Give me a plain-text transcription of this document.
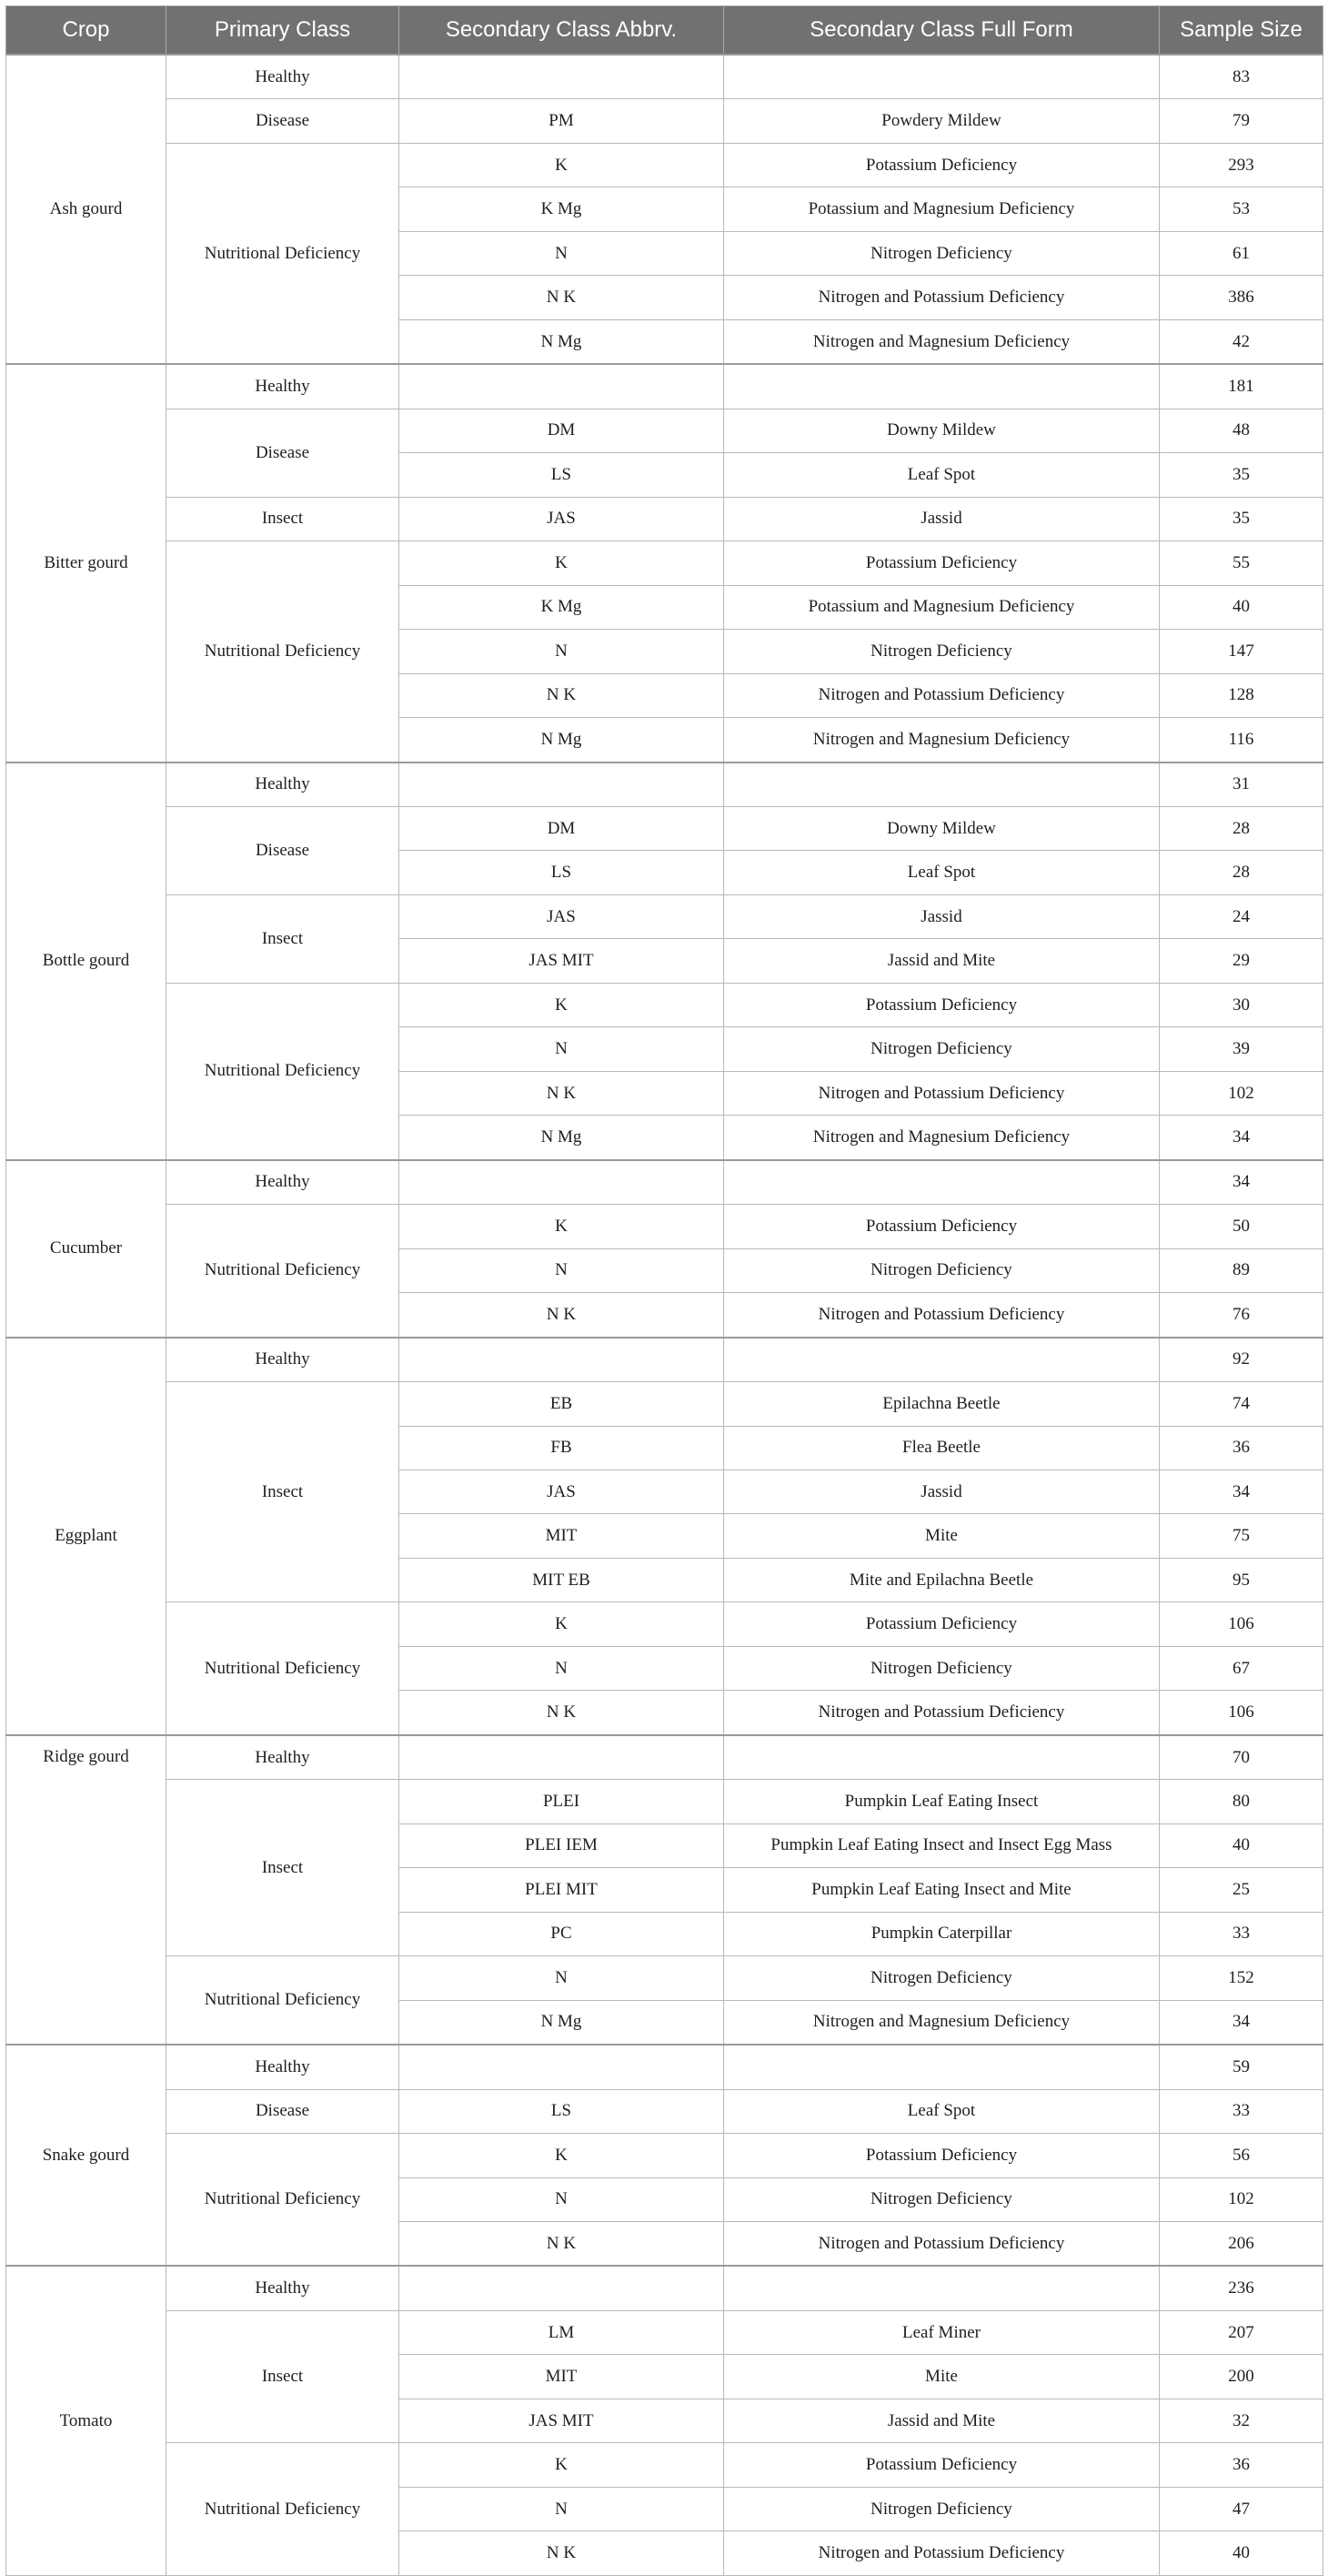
Crop	Primary Class	Secondary Class Abbrv.	Secondary Class Full Form	Sample Size
Ash gourd	Healthy			83
	Disease	PM	Powdery Mildew	79
	Nutritional Deficiency	K	Potassium Deficiency	293
		K Mg	Potassium and Magnesium Deficiency	53
		N	Nitrogen Deficiency	61
		N K	Nitrogen and Potassium Deficiency	386
		N Mg	Nitrogen and Magnesium Deficiency	42
Bitter gourd	Healthy			181
	Disease	DM	Downy Mildew	48
		LS	Leaf Spot	35
	Insect	JAS	Jassid	35
	Nutritional Deficiency	K	Potassium Deficiency	55
		K Mg	Potassium and Magnesium Deficiency	40
		N	Nitrogen Deficiency	147
		N K	Nitrogen and Potassium Deficiency	128
		N Mg	Nitrogen and Magnesium Deficiency	116
Bottle gourd	Healthy			31
	Disease	DM	Downy Mildew	28
		LS	Leaf Spot	28
	Insect	JAS	Jassid	24
		JAS MIT	Jassid and Mite	29
	Nutritional Deficiency	K	Potassium Deficiency	30
		N	Nitrogen Deficiency	39
		N K	Nitrogen and Potassium Deficiency	102
		N Mg	Nitrogen and Magnesium Deficiency	34
Cucumber	Healthy			34
	Nutritional Deficiency	K	Potassium Deficiency	50
		N	Nitrogen Deficiency	89
		N K	Nitrogen and Potassium Deficiency	76
Eggplant	Healthy			92
	Insect	EB	Epilachna Beetle	74
		FB	Flea Beetle	36
		JAS	Jassid	34
		MIT	Mite	75
		MIT EB	Mite and Epilachna Beetle	95
	Nutritional Deficiency	K	Potassium Deficiency	106
		N	Nitrogen Deficiency	67
		N K	Nitrogen and Potassium Deficiency	106
Ridge gourd	Healthy			70
	Insect	PLEI	Pumpkin Leaf Eating Insect	80
		PLEI IEM	Pumpkin Leaf Eating Insect and Insect Egg Mass	40
		PLEI MIT	Pumpkin Leaf Eating Insect and Mite	25
		PC	Pumpkin Caterpillar	33
	Nutritional Deficiency	N	Nitrogen Deficiency	152
		N Mg	Nitrogen and Magnesium Deficiency	34
Snake gourd	Healthy			59
	Disease	LS	Leaf Spot	33
	Nutritional Deficiency	K	Potassium Deficiency	56
		N	Nitrogen Deficiency	102
		N K	Nitrogen and Potassium Deficiency	206
Tomato	Healthy			236
	Insect	LM	Leaf Miner	207
		MIT	Mite	200
		JAS MIT	Jassid and Mite	32
	Nutritional Deficiency	K	Potassium Deficiency	36
		N	Nitrogen Deficiency	47
		N K	Nitrogen and Potassium Deficiency	40
